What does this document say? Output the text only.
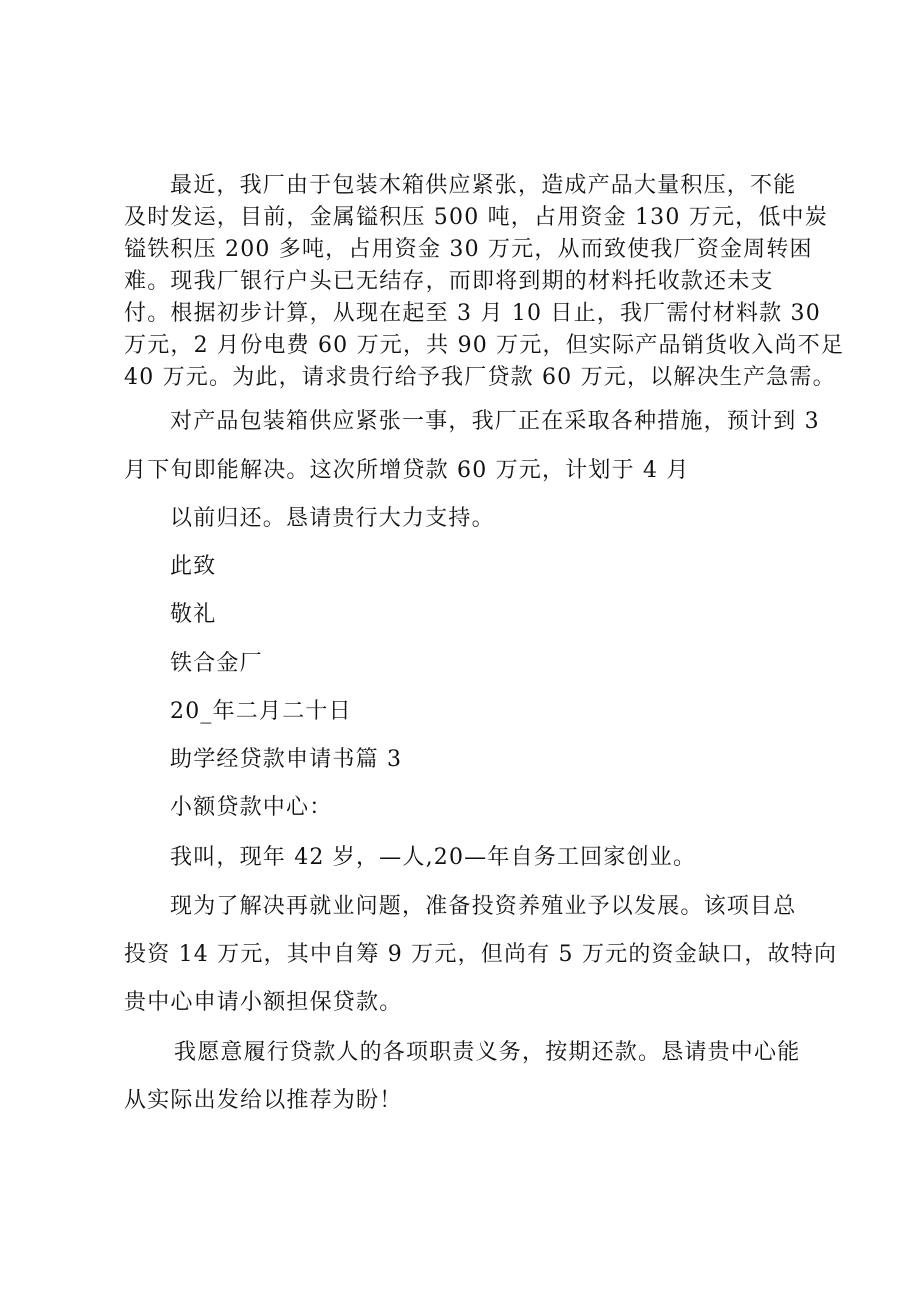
最近，我厂由于包装木箱供应紧张，造成产品大量积压，不能

及时发运，目前，金属镒积压 500 吨，占用资金 130 万元，低中炭

镒铁积压 200 多吨，占用资金 30 万元，从而致使我厂资金周转困

难。现我厂银行户头已无结存，而即将到期的材料托收款还未支

付。根据初步计算，从现在起至 3 月 10 日止，我厂需付材料款 30

万元，2 月份电费 60 万元，共 90 万元，但实际产品销货收入尚不足

40 万元。为此，请求贵行给予我厂贷款 60 万元，以解决生产急需。

对产品包装箱供应紧张一事，我厂正在采取各种措施，预计到 3

月下旬即能解决。这次所增贷款 60 万元，计划于 4 月

以前归还。恳请贵行大力支持。

此致

敬礼

铁合金厂

20_年二月二十日

助学经贷款申请书篇 3

小额贷款中心：

我叫，现年 42 岁，—人,20—年自务工回家创业。

现为了解决再就业问题，准备投资养殖业予以发展。该项目总

投资 14 万元，其中自筹 9 万元，但尚有 5 万元的资金缺口，故特向

贵中心申请小额担保贷款。

我愿意履行贷款人的各项职责义务，按期还款。恳请贵中心能

从实际出发给以推荐为盼！
